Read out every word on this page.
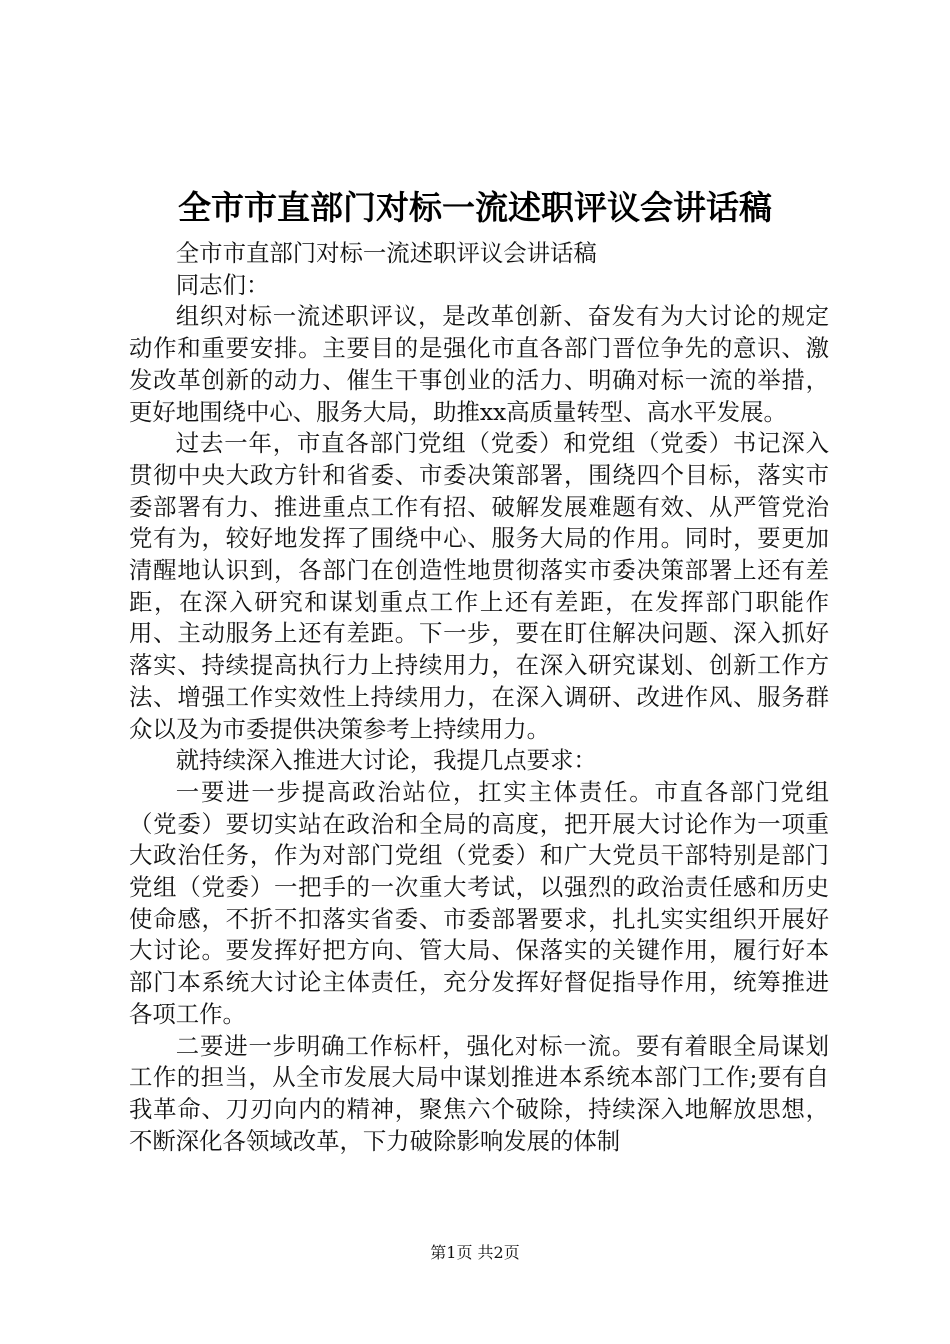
全市市直部门对标一流述职评议会讲话稿

全市市直部门对标一流述职评议会讲话稿

同志们：

组织对标一流述职评议，是改革创新、奋发有为大讨论的规定动作和重要安排。主要目的是强化市直各部门晋位争先的意识、激发改革创新的动力、催生干事创业的活力、明确对标一流的举措，更好地围绕中心、服务大局，助推xx高质量转型、高水平发展。

过去一年，市直各部门党组（党委）和党组（党委）书记深入贯彻中央大政方针和省委、市委决策部署，围绕四个目标，落实市委部署有力、推进重点工作有招、破解发展难题有效、从严管党治党有为，较好地发挥了围绕中心、服务大局的作用。同时，要更加清醒地认识到，各部门在创造性地贯彻落实市委决策部署上还有差距，在深入研究和谋划重点工作上还有差距，在发挥部门职能作用、主动服务上还有差距。下一步，要在盯住解决问题、深入抓好落实、持续提高执行力上持续用力，在深入研究谋划、创新工作方法、增强工作实效性上持续用力，在深入调研、改进作风、服务群众以及为市委提供决策参考上持续用力。

就持续深入推进大讨论，我提几点要求：

一要进一步提高政治站位，扛实主体责任。市直各部门党组（党委）要切实站在政治和全局的高度，把开展大讨论作为一项重大政治任务，作为对部门党组（党委）和广大党员干部特别是部门党组（党委）一把手的一次重大考试，以强烈的政治责任感和历史使命感，不折不扣落实省委、市委部署要求，扎扎实实组织开展好大讨论。要发挥好把方向、管大局、保落实的关键作用，履行好本部门本系统大讨论主体责任，充分发挥好督促指导作用，统筹推进各项工作。

二要进一步明确工作标杆，强化对标一流。要有着眼全局谋划工作的担当，从全市发展大局中谋划推进本系统本部门工作;要有自我革命、刀刃向内的精神，聚焦六个破除，持续深入地解放思想，不断深化各领域改革，下力破除影响发展的体制

第1页 共2页
